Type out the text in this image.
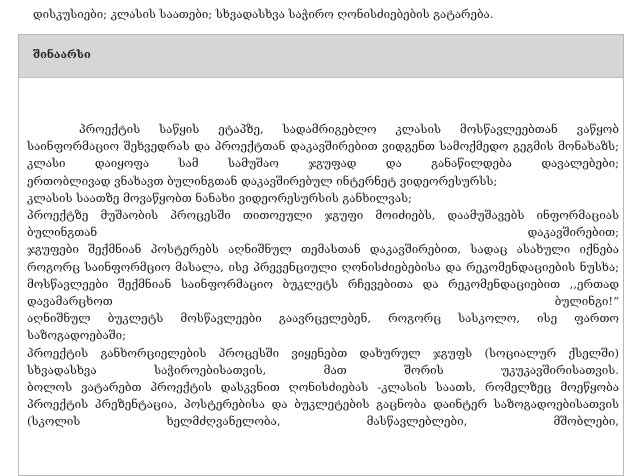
დისკუსიები; კლასის საათები; სხვადასხვა საჭირო ღონისძიებების გატარება.
შინაარსი

პროექტის საწყის ეტაპზე, სადამრიგებლო კლასის მოსწავლეებთან ვაწყობ საინფორმაციო შეხვედრას და პროექტთან დაკავშირებით ვიდგენთ სამოქმედო გეგმის მონახაზს; კლასი დაიყოფა სამ სამუშაო ჯგუფად და განაწილდება დავალებები;

ერთობლივად ვნახავთ ბულინგთან დაკავშირებულ ინტერნეტ ვიდეორესურსს;

კლასის საათზე მოვაწყობთ ნანახი ვიდეორესურსის განხილვას;

პროექტზე მუშაობის პროცესში თითოეული ჯგუფი მოიძიებს, დაამუშავებს ინფორმაციას ბულინგთან დაკავშირებით;

ჯგუფები შექმნიან პოსტერებს აღნიშნულ თემასთან დაკავშირებით, სადაც ასახული იქნება როგორც საინფორმციო მასალა, ისე პრევენციული ღონისძიებებისა და რეკომენდაციების ნუსხა;

მოსწავლეები შექმნიან საინფორმაციო ბუკლეტს რჩევებითა და რეკომენდაციებით ,,ერთად დავამარცხოთ ბულინგი!“

აღნიშნულ ბუკლეტს მოსწავლეები გაავრცელებენ, როგორც სასკოლო, ისე ფართო საზოგადოებაში;

პროექტის განხორციელების პროცესში ვიყენებთ დახურულ ჯგუფს (სოციალურ ქსელში) სხვადასხვა საჭიროებისათვის, მათ შორის უკუკავშირისათვის.

ბოლოს ვატარებთ პროექტის დასკვნით ღონისძიებას -კლასის საათს, რომელზეც მოეწყობა პროექტის პრეზენტაცია, პოსტერებისა და ბუკლეტების გაცნობა დაინტერ საზოგადოებისათვის (სკოლის ხელმძღვანელობა, მასწავლებლები, მშობლები,
